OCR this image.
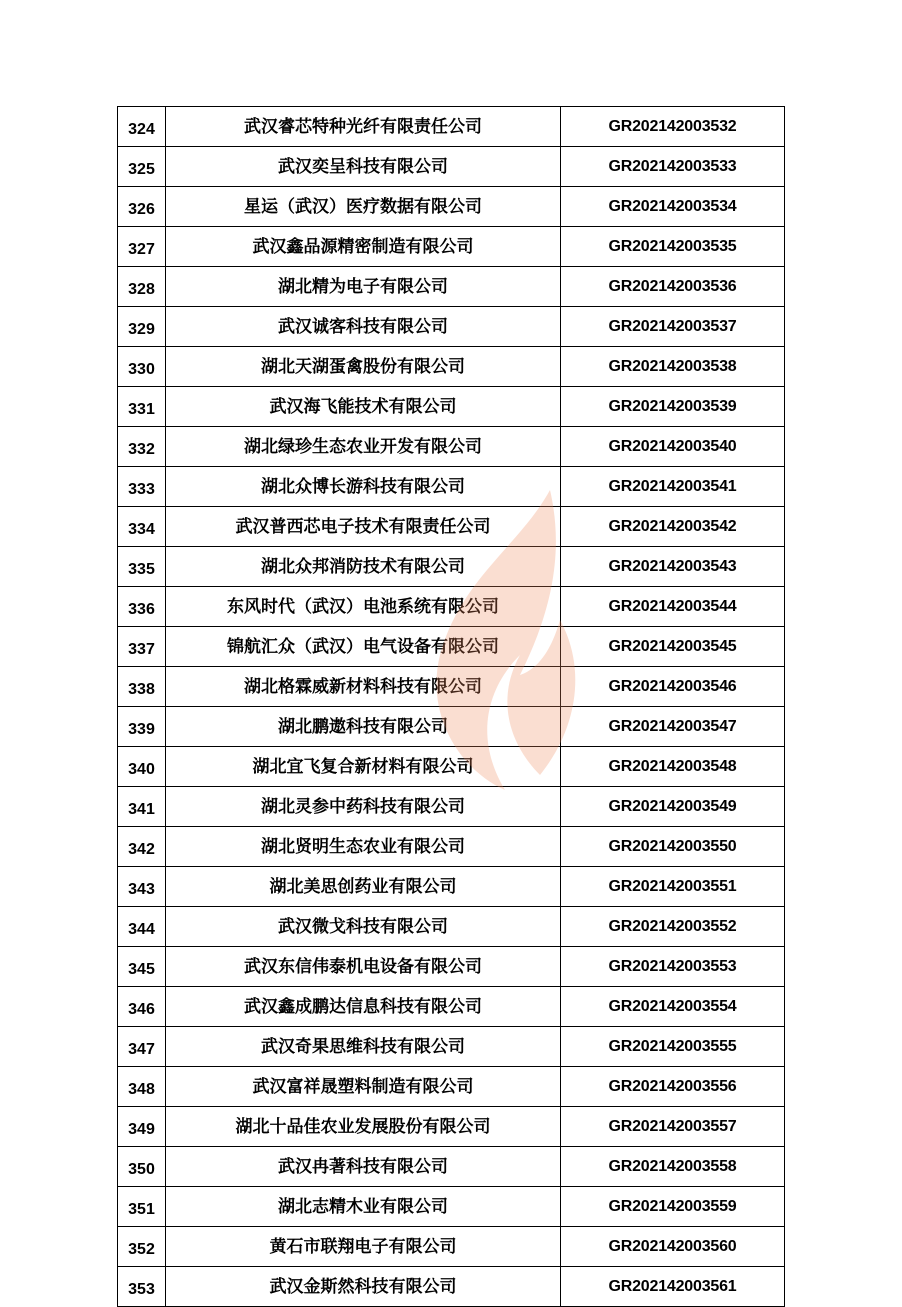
324	武汉睿芯特种光纤有限责任公司	GR202142003532
325	武汉奕呈科技有限公司	GR202142003533
326	星运（武汉）医疗数据有限公司	GR202142003534
327	武汉鑫品源精密制造有限公司	GR202142003535
328	湖北精为电子有限公司	GR202142003536
329	武汉诚客科技有限公司	GR202142003537
330	湖北天湖蛋禽股份有限公司	GR202142003538
331	武汉海飞能技术有限公司	GR202142003539
332	湖北绿珍生态农业开发有限公司	GR202142003540
333	湖北众博长游科技有限公司	GR202142003541
334	武汉普西芯电子技术有限责任公司	GR202142003542
335	湖北众邦消防技术有限公司	GR202142003543
336	东风时代（武汉）电池系统有限公司	GR202142003544
337	锦航汇众（武汉）电气设备有限公司	GR202142003545
338	湖北格霖威新材料科技有限公司	GR202142003546
339	湖北鹏遨科技有限公司	GR202142003547
340	湖北宜飞复合新材料有限公司	GR202142003548
341	湖北灵参中药科技有限公司	GR202142003549
342	湖北贤明生态农业有限公司	GR202142003550
343	湖北美思创药业有限公司	GR202142003551
344	武汉微戈科技有限公司	GR202142003552
345	武汉东信伟泰机电设备有限公司	GR202142003553
346	武汉鑫成鹏达信息科技有限公司	GR202142003554
347	武汉奇果思维科技有限公司	GR202142003555
348	武汉富祥晟塑料制造有限公司	GR202142003556
349	湖北十品佳农业发展股份有限公司	GR202142003557
350	武汉冉著科技有限公司	GR202142003558
351	湖北志精木业有限公司	GR202142003559
352	黄石市联翔电子有限公司	GR202142003560
353	武汉金斯然科技有限公司	GR202142003561
